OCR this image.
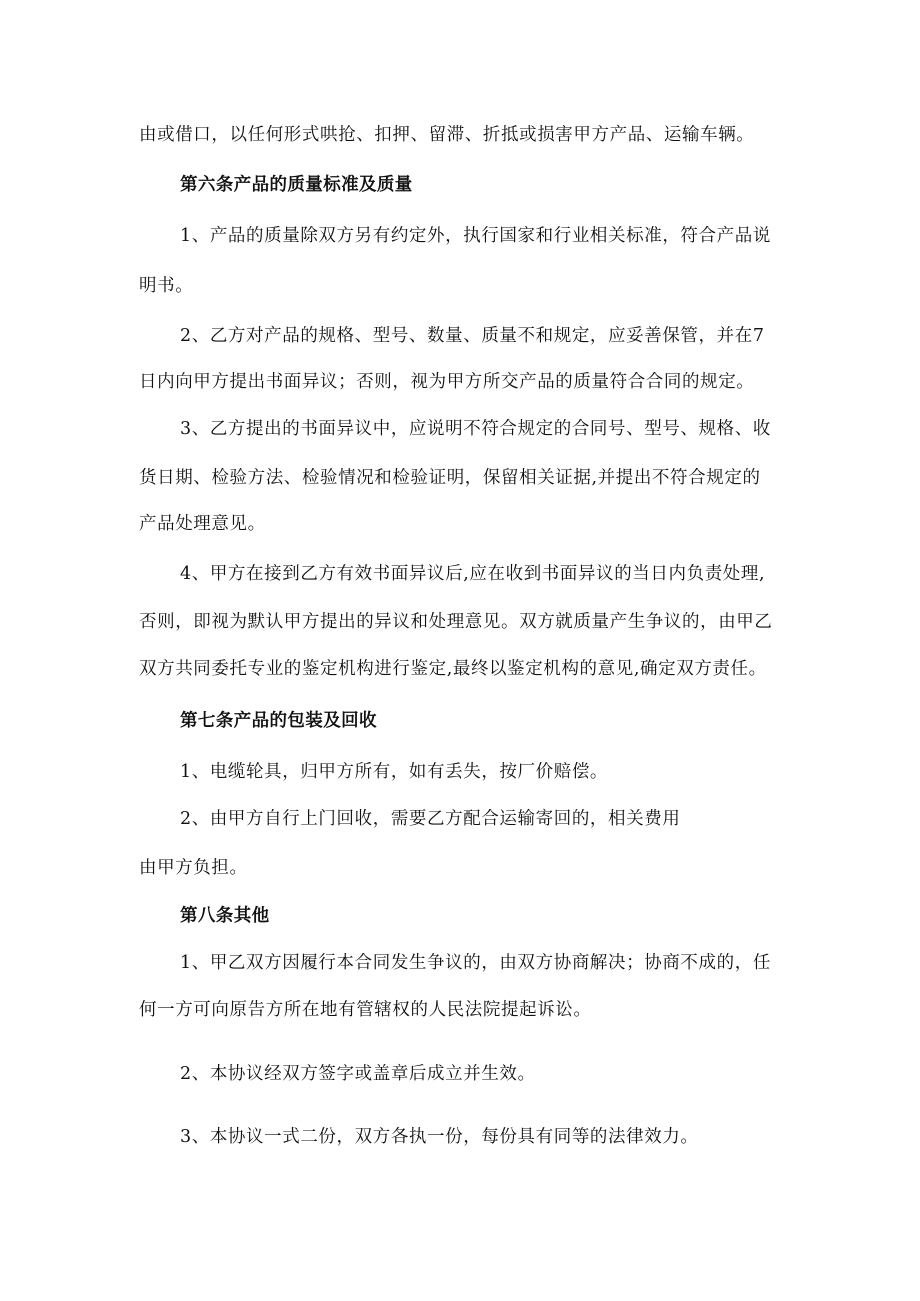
由或借口，以任何形式哄抢、扣押、留滞、折抵或损害甲方产品、运输车辆。
第六条产品的质量标准及质量
1、产品的质量除双方另有约定外，执行国家和行业相关标准，符合产品说
明书。
2、乙方对产品的规格、型号、数量、质量不和规定，应妥善保管，并在7
日内向甲方提出书面异议；否则，视为甲方所交产品的质量符合合同的规定。
3、乙方提出的书面异议中，应说明不符合规定的合同号、型号、规格、收
货日期、检验方法、检验情况和检验证明，保留相关证据,并提出不符合规定的
产品处理意见。
4、甲方在接到乙方有效书面异议后,应在收到书面异议的当日内负责处理,
否则，即视为默认甲方提出的异议和处理意见。双方就质量产生争议的，由甲乙
双方共同委托专业的鉴定机构进行鉴定,最终以鉴定机构的意见,确定双方责任。
第七条产品的包装及回收
1、电缆轮具，归甲方所有，如有丢失，按厂价赔偿。
2、由甲方自行上门回收，需要乙方配合运输寄回的，相关费用
由甲方负担。
第八条其他
1、甲乙双方因履行本合同发生争议的，由双方协商解决；协商不成的，任
何一方可向原告方所在地有管辖权的人民法院提起诉讼。
2、本协议经双方签字或盖章后成立并生效。
3、本协议一式二份，双方各执一份，每份具有同等的法律效力。
